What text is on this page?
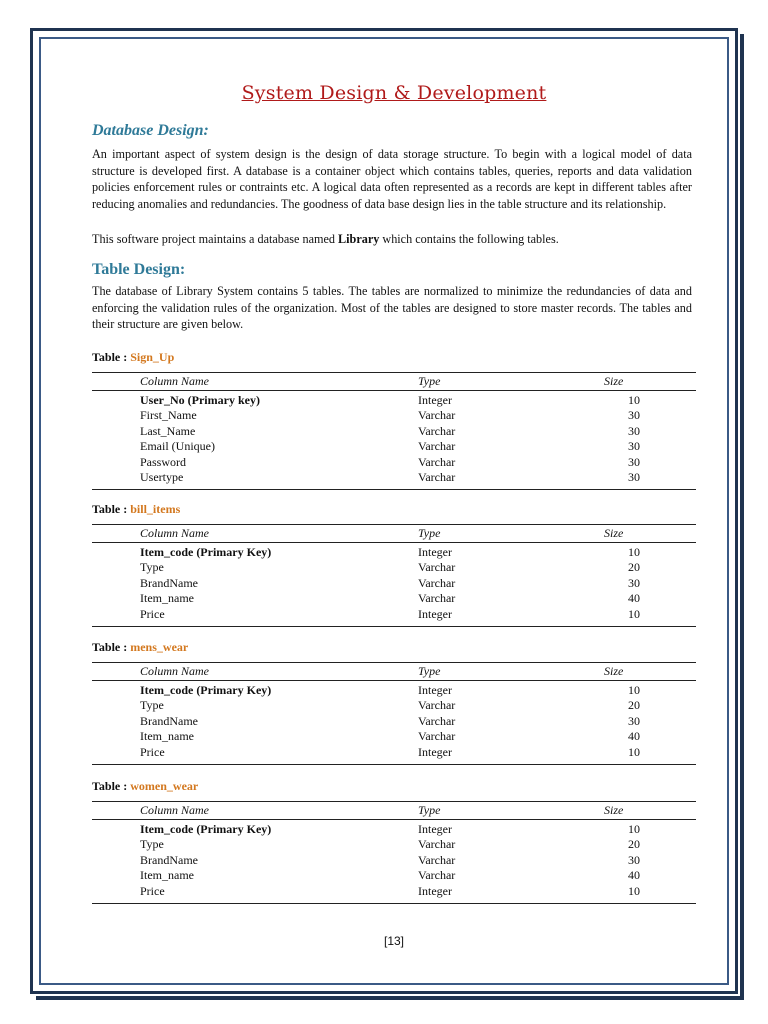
System Design & Development
Database Design:

An important aspect of system design is the design of data storage structure. To begin with a logical model of data structure is developed first. A database is a container object which contains tables, queries, reports and data validation policies enforcement rules or contraints etc. A logical data often represented as a records are kept in different tables after reducing anomalies and redundancies. The goodness of data base design lies in the table structure and its relationship.

This software project maintains a database named Library which contains the following tables.

Table Design:

The database of Library System contains 5 tables. The tables are normalized to minimize the redundancies of data and enforcing the validation rules of the organization. Most of the tables are designed to store master records. The tables and their structure are given below.

Table : Sign_Up
Column Name	Type	Size
User_No (Primary key)	Integer	10
First_Name	Varchar	30
Last_Name	Varchar	30
Email (Unique)	Varchar	30
Password	Varchar	30
Usertype	Varchar	30
Table : bill_items
Column Name	Type	Size
Item_code (Primary Key)	Integer	10
Type	Varchar	20
BrandName	Varchar	30
Item_name	Varchar	40
Price	Integer	10
Table : mens_wear
Column Name	Type	Size
Item_code (Primary Key)	Integer	10
Type	Varchar	20
BrandName	Varchar	30
Item_name	Varchar	40
Price	Integer	10
Table : women_wear
Column Name	Type	Size
Item_code (Primary Key)	Integer	10
Type	Varchar	20
BrandName	Varchar	30
Item_name	Varchar	40
Price	Integer	10
[13]
